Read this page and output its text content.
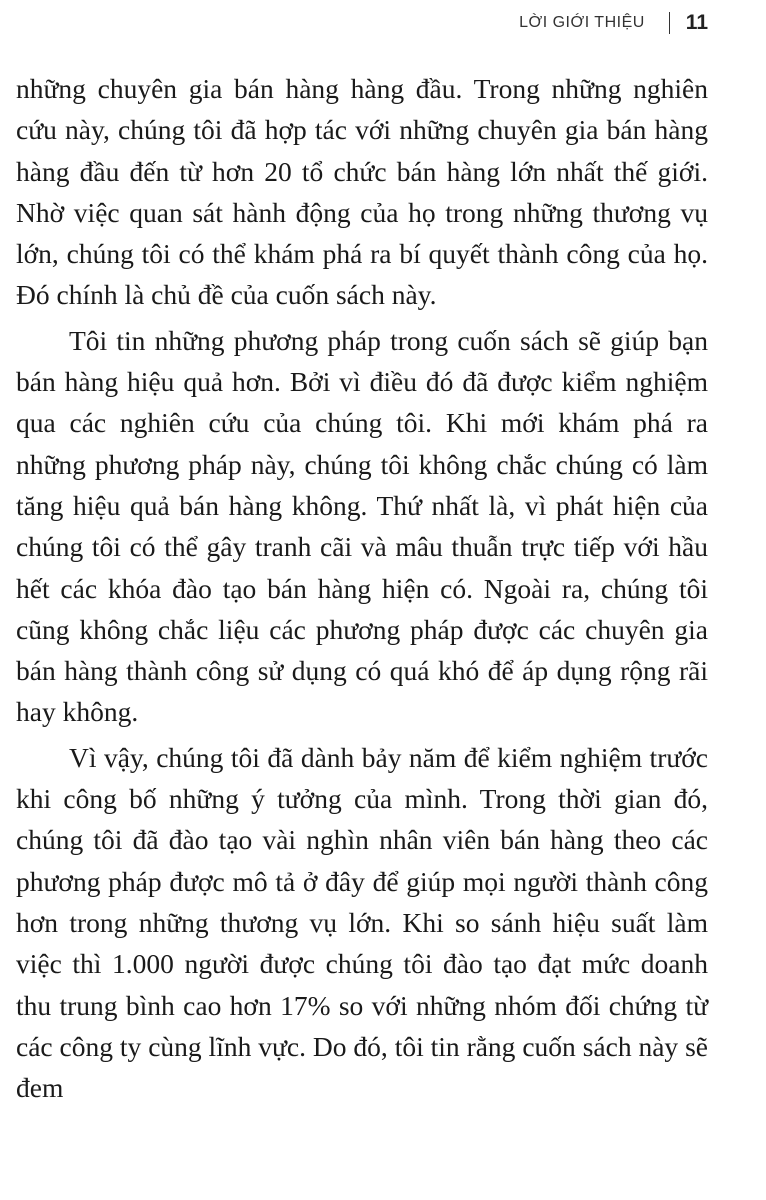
LỜI GIỚI THIỆU 11

những chuyên gia bán hàng hàng đầu. Trong những nghiên cứu này, chúng tôi đã hợp tác với những chuyên gia bán hàng hàng đầu đến từ hơn 20 tổ chức bán hàng lớn nhất thế giới. Nhờ việc quan sát hành động của họ trong những thương vụ lớn, chúng tôi có thể khám phá ra bí quyết thành công của họ. Đó chính là chủ đề của cuốn sách này.

Tôi tin những phương pháp trong cuốn sách sẽ giúp bạn bán hàng hiệu quả hơn. Bởi vì điều đó đã được kiểm nghiệm qua các nghiên cứu của chúng tôi. Khi mới khám phá ra những phương pháp này, chúng tôi không chắc chúng có làm tăng hiệu quả bán hàng không. Thứ nhất là, vì phát hiện của chúng tôi có thể gây tranh cãi và mâu thuẫn trực tiếp với hầu hết các khóa đào tạo bán hàng hiện có. Ngoài ra, chúng tôi cũng không chắc liệu các phương pháp được các chuyên gia bán hàng thành công sử dụng có quá khó để áp dụng rộng rãi hay không.

Vì vậy, chúng tôi đã dành bảy năm để kiểm nghiệm trước khi công bố những ý tưởng của mình. Trong thời gian đó, chúng tôi đã đào tạo vài nghìn nhân viên bán hàng theo các phương pháp được mô tả ở đây để giúp mọi người thành công hơn trong những thương vụ lớn. Khi so sánh hiệu suất làm việc thì 1.000 người được chúng tôi đào tạo đạt mức doanh thu trung bình cao hơn 17% so với những nhóm đối chứng từ các công ty cùng lĩnh vực. Do đó, tôi tin rằng cuốn sách này sẽ đem
